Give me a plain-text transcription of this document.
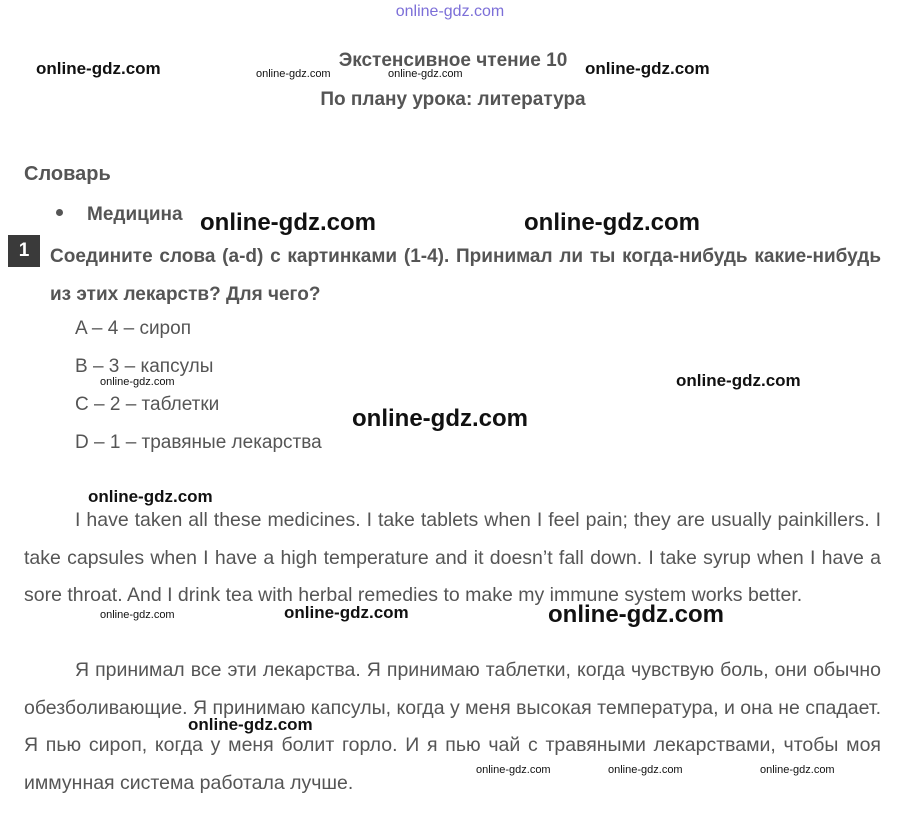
online-gdz.com
Экстенсивное чтение 10
По плану урока: литература
Словарь
Медицина
1	Соедините слова (a-d) с картинками (1-4). Принимал ли ты когда-нибудь какие-нибудь из этих лекарств? Для чего?
A – 4 – сироп
B – 3 – капсулы
C – 2 – таблетки
D – 1 – травяные лекарства
I have taken all these medicines. I take tablets when I feel pain; they are usually painkillers. I take capsules when I have a high temperature and it doesn’t fall down. I take syrup when I have a sore throat. And I drink tea with herbal remedies to make my immune system works better.
Я принимал все эти лекарства. Я принимаю таблетки, когда чувствую боль, они обычно обезболивающие. Я принимаю капсулы, когда у меня высокая температура, и она не спадает. Я пью сироп, когда у меня болит горло. И я пью чай с травяными лекарствами, чтобы моя иммунная система работала лучше.
online-gdz.com	online-gdz.com	online-gdz.com	online-gdz.com
online-gdz.com	online-gdz.com
online-gdz.com	online-gdz.com
online-gdz.com
online-gdz.com
online-gdz.com	online-gdz.com	online-gdz.com
online-gdz.com
online-gdz.com	online-gdz.com	online-gdz.com
